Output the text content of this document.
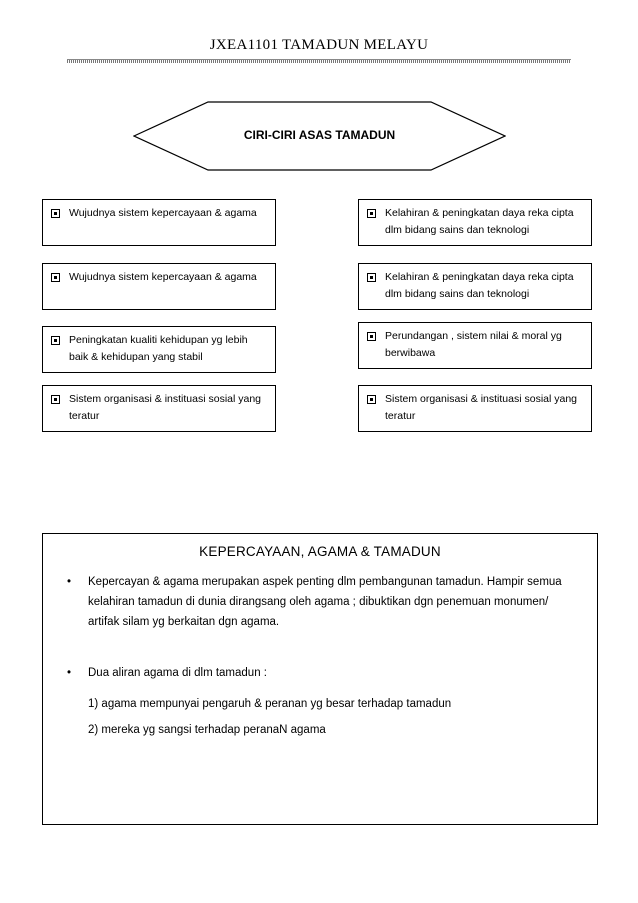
JXEA1101 TAMADUN MELAYU
CIRI-CIRI ASAS TAMADUN
Wujudnya sistem kepercayaan & agama
Wujudnya sistem kepercayaan & agama
Peningkatan kualiti kehidupan yg lebih baik & kehidupan yang stabil
Sistem organisasi & instituasi sosial yang teratur
Kelahiran & peningkatan daya reka cipta dlm bidang sains dan teknologi
Kelahiran & peningkatan daya reka cipta dlm bidang sains dan teknologi
Perundangan , sistem nilai & moral yg berwibawa
Sistem organisasi & instituasi sosial yang teratur
KEPERCAYAAN, AGAMA & TAMADUN
• Kepercayan & agama merupakan aspek penting dlm pembangunan tamadun. Hampir semua kelahiran tamadun di dunia dirangsang oleh agama ; dibuktikan dgn penemuan monumen/ artifak silam yg berkaitan dgn agama.
• Dua aliran agama di dlm tamadun :
1) agama mempunyai pengaruh & peranan yg besar terhadap tamadun
2) mereka yg sangsi terhadap peranaN agama
